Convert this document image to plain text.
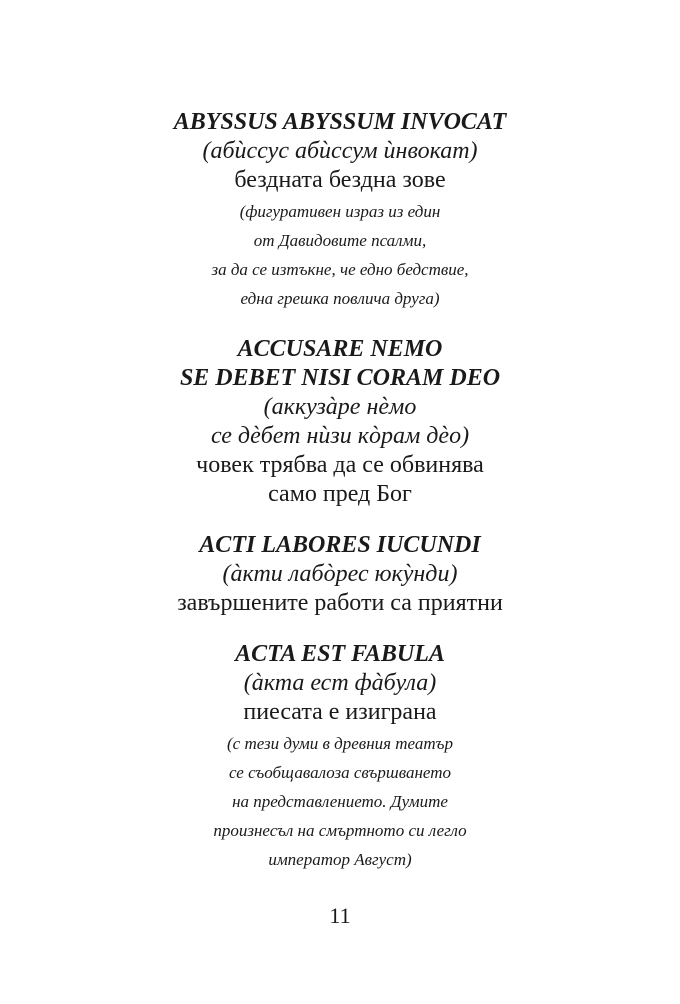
ABYSSUS ABYSSUM INVOCAT
(абѝссус абѝссум ѝнвокат)
бездната бездна зове
(фигуративен израз из един
от Давидовите псалми,
за да се изтъкне, че едно бедствие,
една грешка повлича друга)
ACCUSARE NEMO
SE DEBET NISI CORAM DEO
(аккузàре нèмо
се дèбет нѝзи кòрам дèо)
човек трябва да се обвинява
само пред Бог
ACTI LABORES IUCUNDI
(àкти лабòрес юкỳнди)
завършените работи са приятни
ACTA EST FABULA
(àкта ест фàбула)
пиесата е изиграна
(с тези думи в древния театър
се съобщавалоза свършването
на представлението. Думите
произнесъл на смъртното си легло
император Август)
11
